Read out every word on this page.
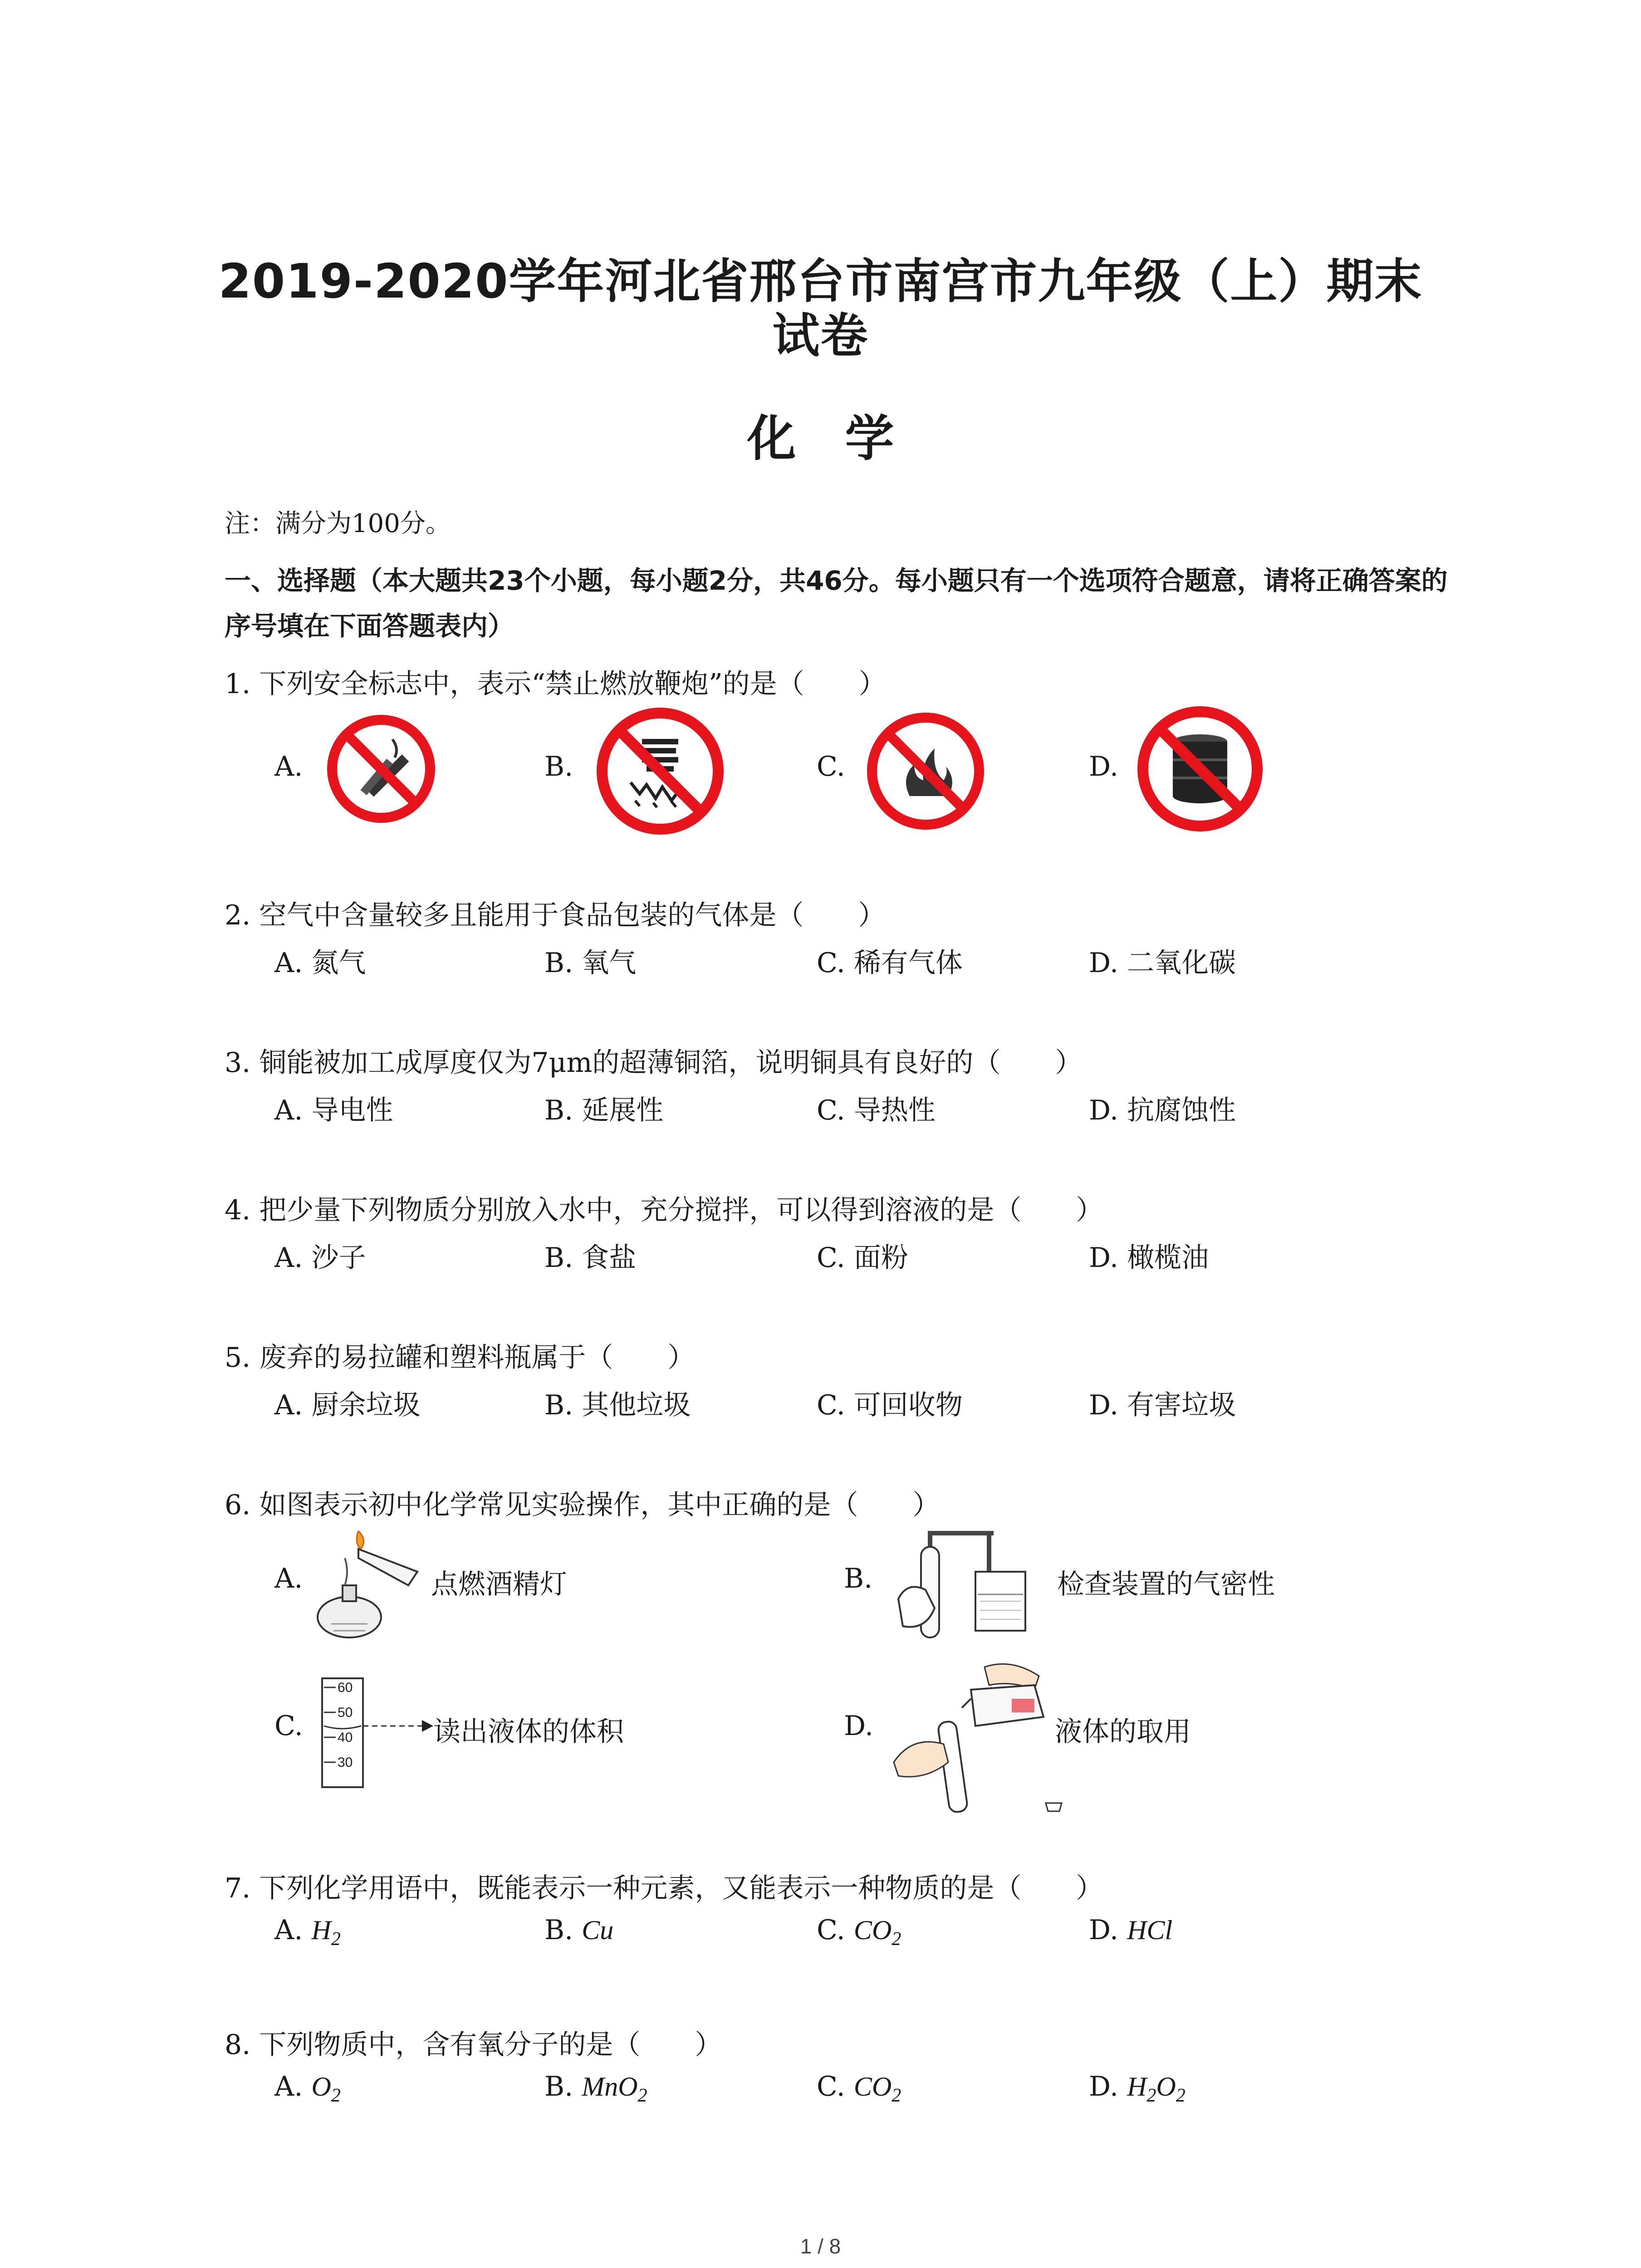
2019-2020学年河北省邢台市南宫市九年级（上）期末
试卷
化　学
注：满分为100分。
一、选择题（本大题共23个小题，每小题2分，共46分。每小题只有一个选项符合题意，请将正确答案的序号填在下面答题表内）
1. 下列安全标志中，表示“禁止燃放鞭炮”的是（　　）
A.	B.	C.	D.
2. 空气中含量较多且能用于食品包装的气体是（　　）
A. 氮气	B. 氧气	C. 稀有气体	D. 二氧化碳
3. 铜能被加工成厚度仅为7μm的超薄铜箔，说明铜具有良好的（　　）
A. 导电性	B. 延展性	C. 导热性	D. 抗腐蚀性
4. 把少量下列物质分别放入水中，充分搅拌，可以得到溶液的是（　　）
A. 沙子	B. 食盐	C. 面粉	D. 橄榄油
5. 废弃的易拉罐和塑料瓶属于（　　）
A. 厨余垃圾	B. 其他垃圾	C. 可回收物	D. 有害垃圾
6. 如图表示初中化学常见实验操作，其中正确的是（　　）
A.	点燃酒精灯	B.	检查装置的气密性
C.
60
50
40
30
读出液体的体积	D.	液体的取用
7. 下列化学用语中，既能表示一种元素，又能表示一种物质的是（　　）
A. $H_2$	B. Cu	C. $CO_2$	D. HCl
8. 下列物质中，含有氧分子的是（　　）
A. $O_2$	B. MnO$_2$	C. $CO_2$	D. $H_2O_2$
1 / 8
